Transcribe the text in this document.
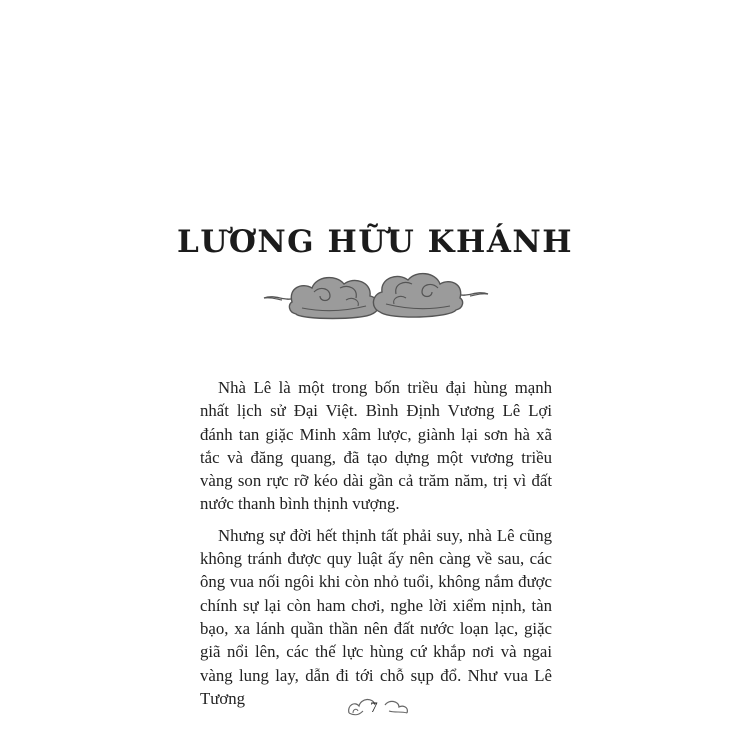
LƯƠNG HỮU KHÁNH

Nhà Lê là một trong bốn triều đại hùng mạnh nhất lịch sử Đại Việt. Bình Định Vương Lê Lợi đánh tan giặc Minh xâm lược, giành lại sơn hà xã tắc và đăng quang, đã tạo dựng một vương triều vàng son rực rỡ kéo dài gần cả trăm năm, trị vì đất nước thanh bình thịnh vượng.

Nhưng sự đời hết thịnh tất phải suy, nhà Lê cũng không tránh được quy luật ấy nên càng về sau, các ông vua nối ngôi khi còn nhỏ tuổi, không nắm được chính sự lại còn ham chơi, nghe lời xiểm nịnh, tàn bạo, xa lánh quần thần nên đất nước loạn lạc, giặc giã nổi lên, các thế lực hùng cứ khắp nơi và ngai vàng lung lay, dẫn đi tới chỗ sụp đổ. Như vua Lê Tương

7
